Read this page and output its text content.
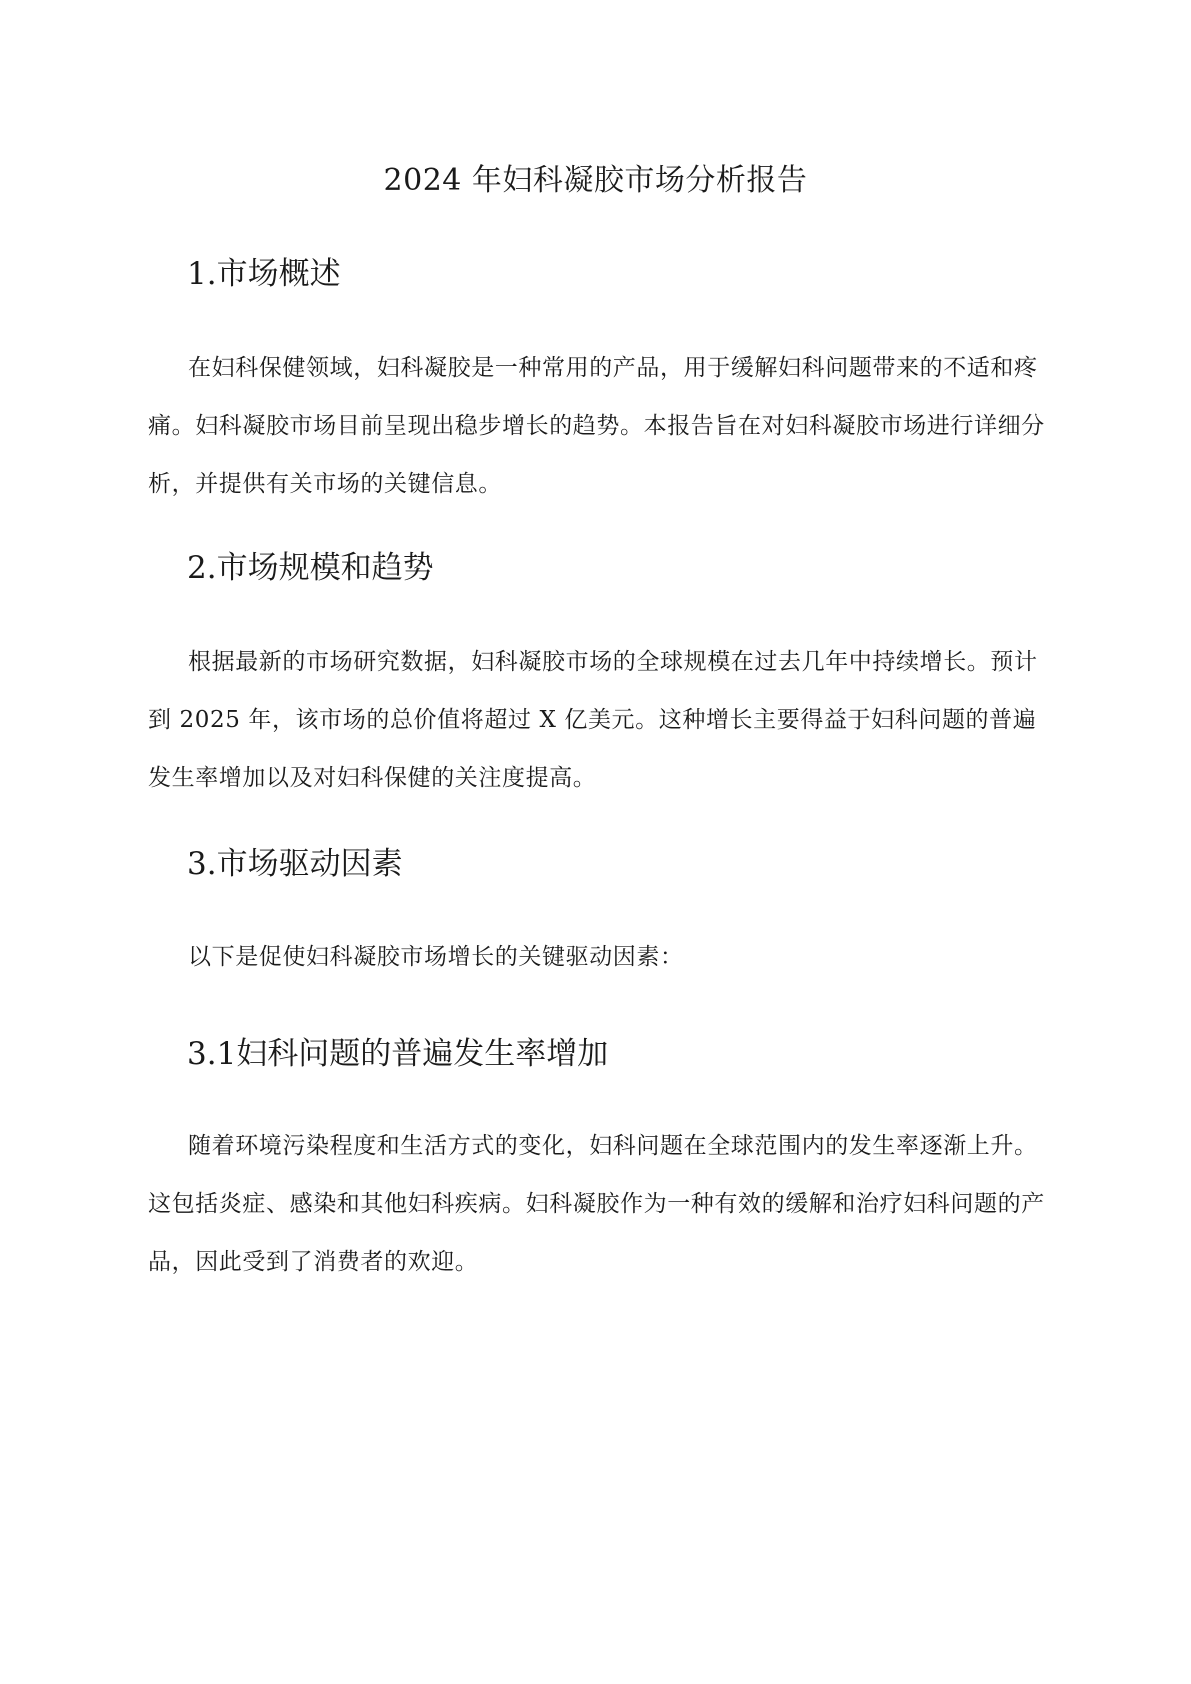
2024 年妇科凝胶市场分析报告
1.市场概述

在妇科保健领域，妇科凝胶是一种常用的产品，用于缓解妇科问题带来的不适和疼痛。妇科凝胶市场目前呈现出稳步增长的趋势。本报告旨在对妇科凝胶市场进行详细分析，并提供有关市场的关键信息。

2.市场规模和趋势

根据最新的市场研究数据，妇科凝胶市场的全球规模在过去几年中持续增长。预计到 2025 年，该市场的总价值将超过 X 亿美元。这种增长主要得益于妇科问题的普遍发生率增加以及对妇科保健的关注度提高。

3.市场驱动因素

以下是促使妇科凝胶市场增长的关键驱动因素：

3.1妇科问题的普遍发生率增加

随着环境污染程度和生活方式的变化，妇科问题在全球范围内的发生率逐渐上升。这包括炎症、感染和其他妇科疾病。妇科凝胶作为一种有效的缓解和治疗妇科问题的产品，因此受到了消费者的欢迎。
